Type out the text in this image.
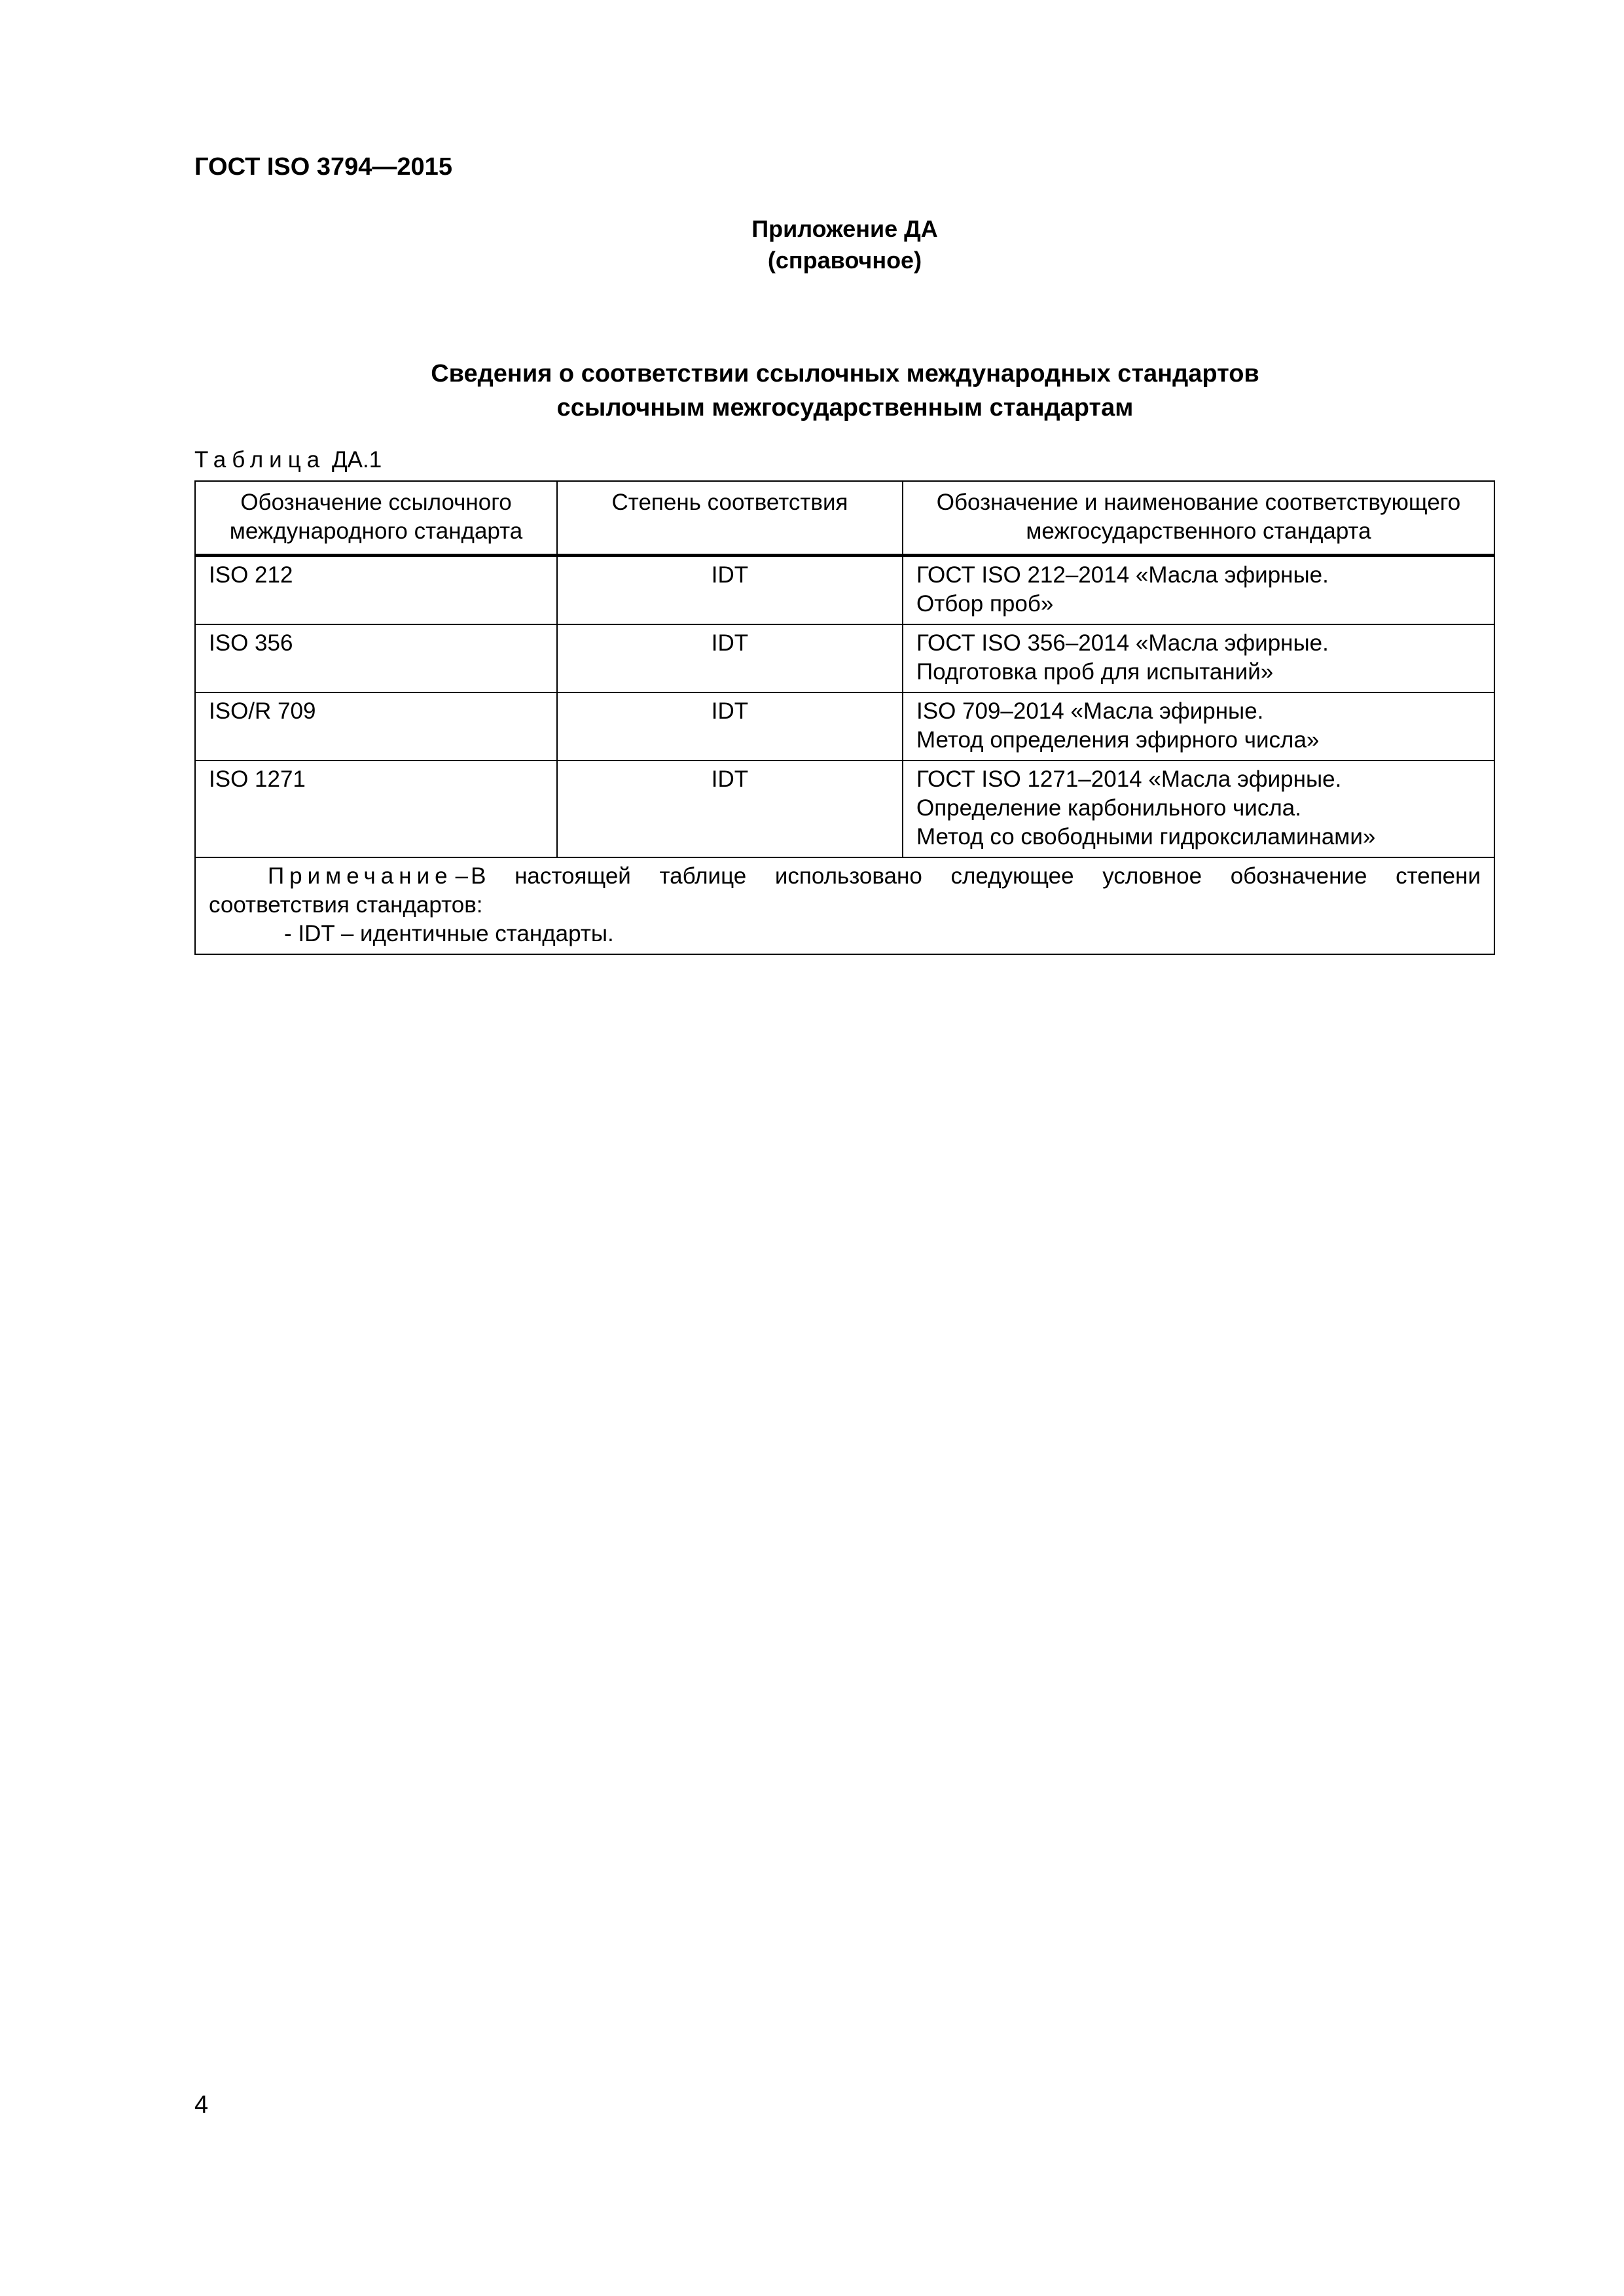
ГОСТ ISO 3794—2015
Приложение ДА
(справочное)
Сведения о соответствии ссылочных международных стандартов
ссылочным межгосударственным стандартам
Таблица ДА.1
Обозначение ссылочного
международного стандарта	Степень соответствия	Обозначение и наименование соответствующего
межгосударственного стандарта

ISO 212	IDT	ГОСТ ISO 212–2014 «Масла эфирные.
Отбор проб»

ISO 356	IDT	ГОСТ ISO 356–2014 «Масла эфирные.
Подготовка проб для испытаний»

ISO/R 709	IDT	ISO 709–2014 «Масла эфирные.
Метод определения эфирного числа»

ISO 1271	IDT	ГОСТ ISO 1271–2014 «Масла эфирные.
Определение карбонильного числа.
Метод со свободными гидроксиламинами»

Примечание – В настоящей таблице использовано следующее условное обозначение степени
соответствия стандартов:
- IDT – идентичные стандарты.		
4
